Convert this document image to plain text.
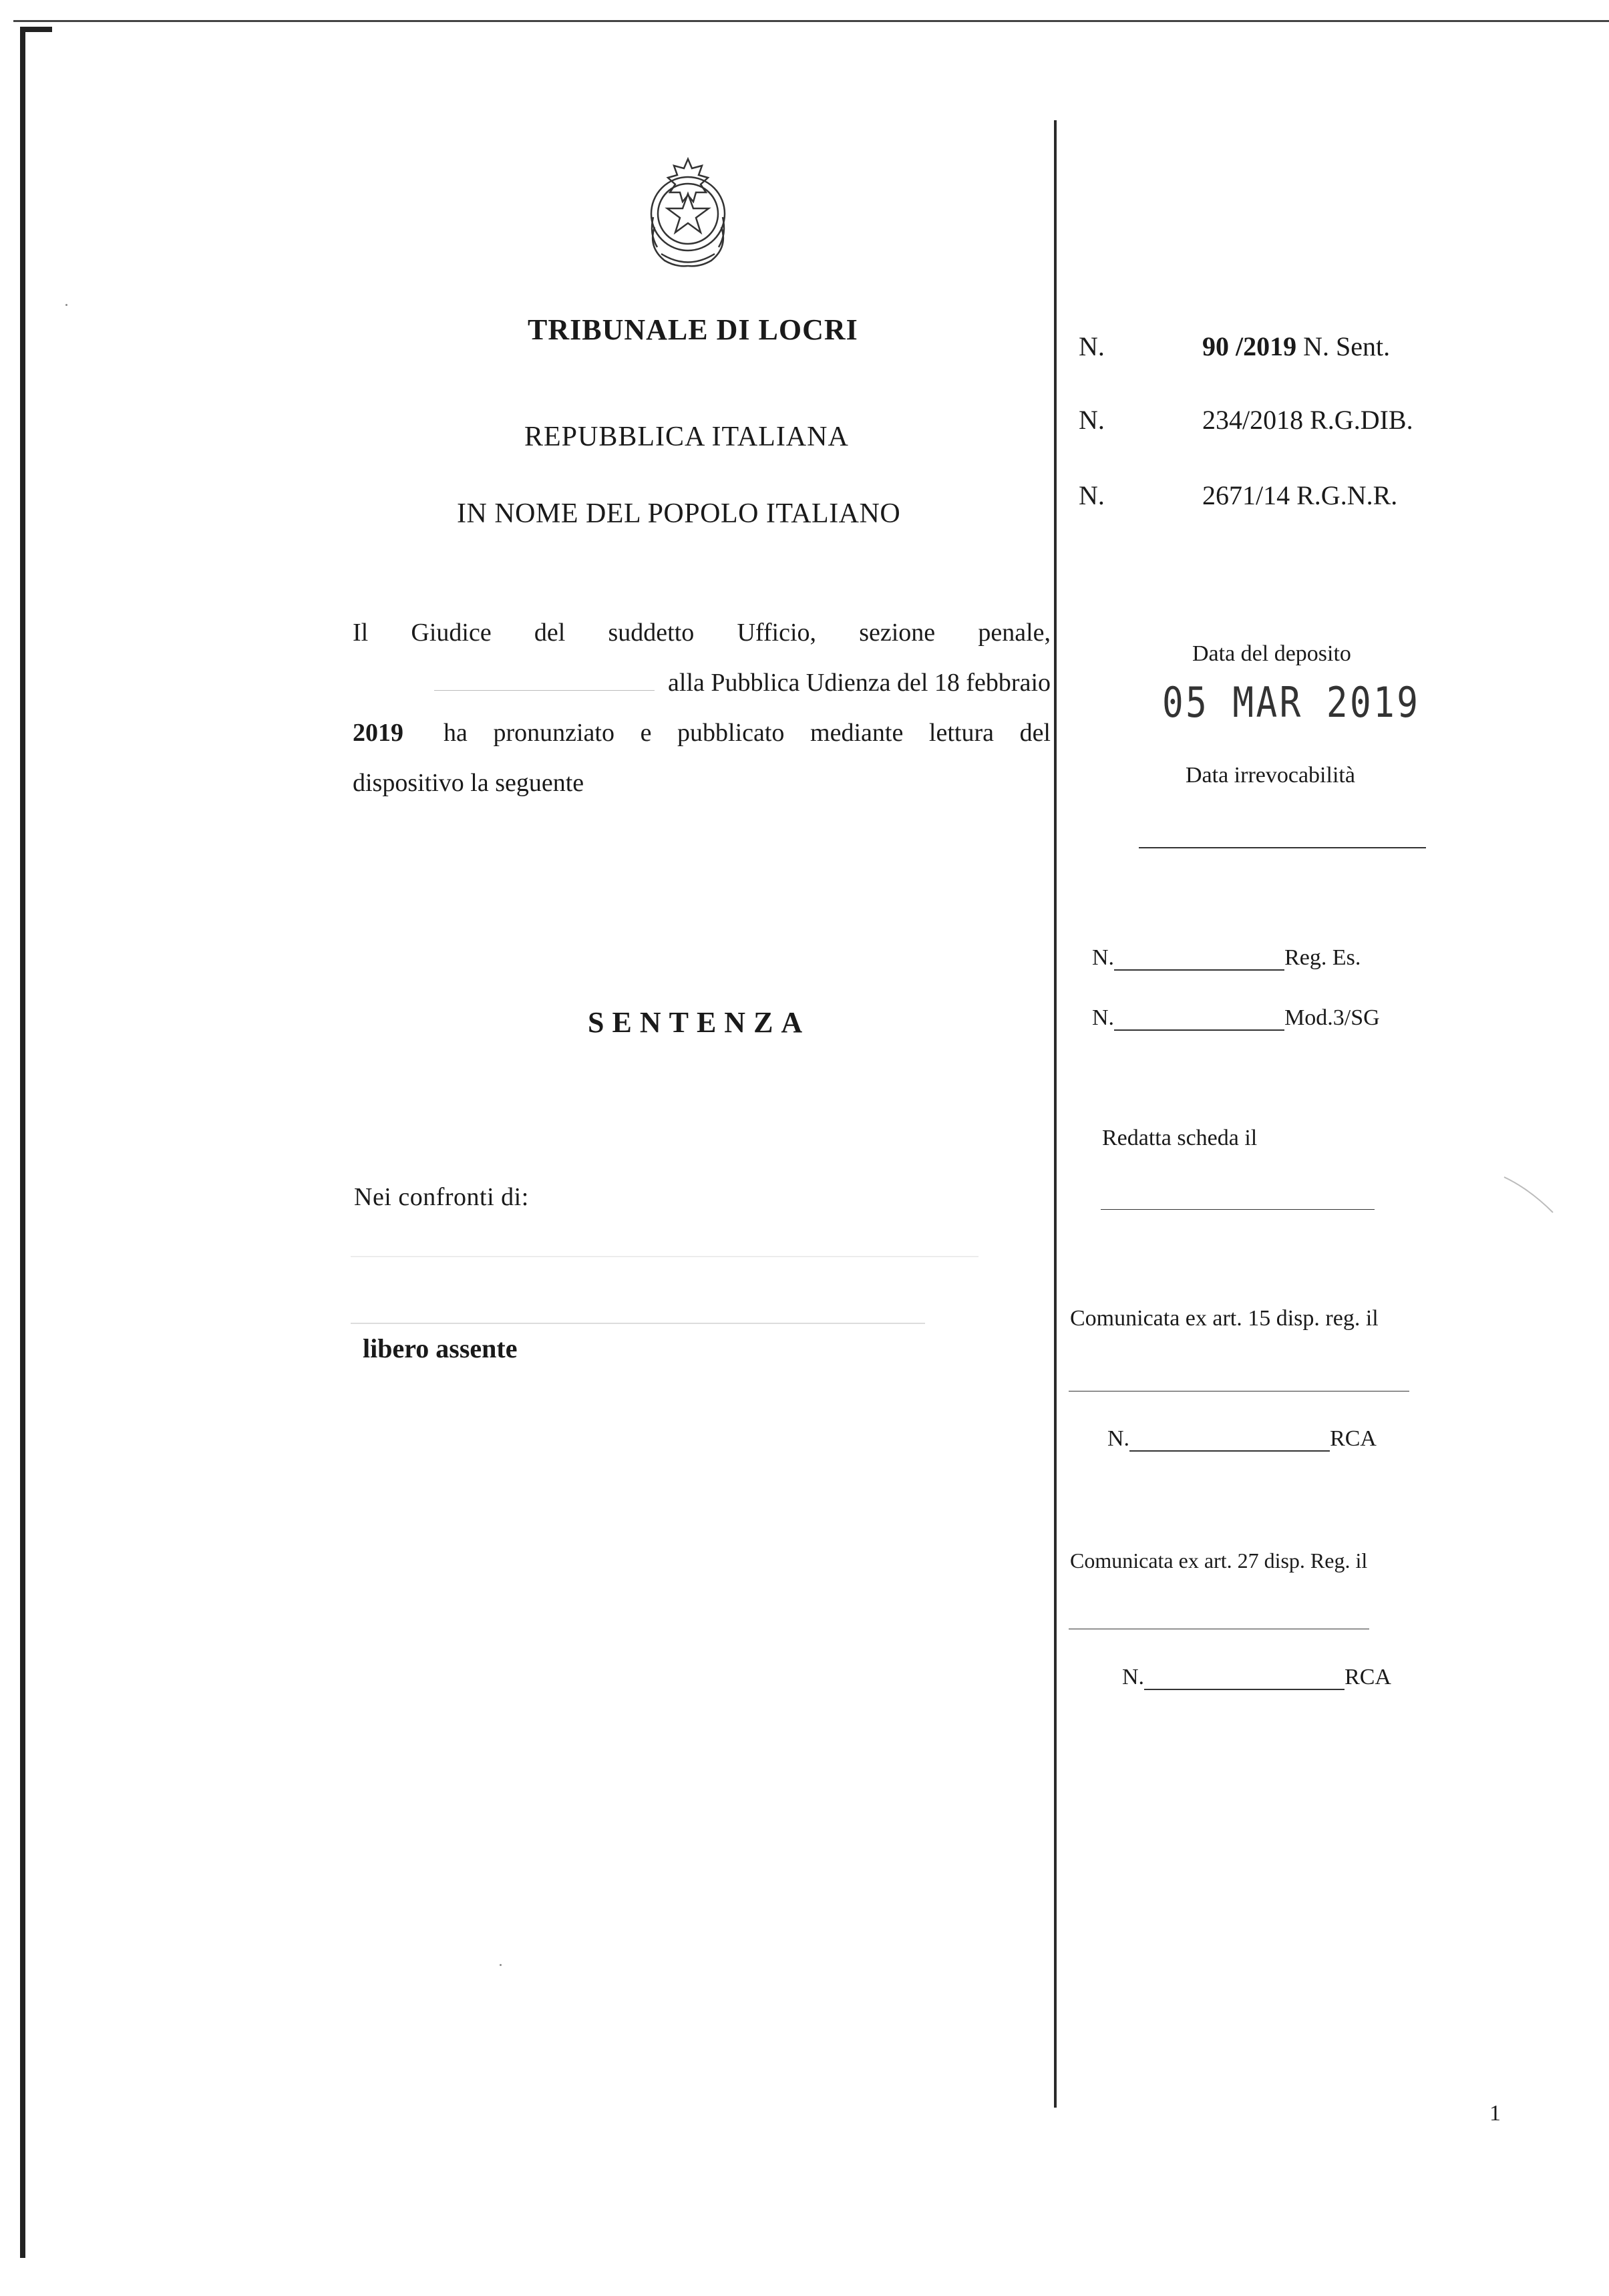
TRIBUNALE DI LOCRI
REPUBBLICA ITALIANA
IN NOME DEL POPOLO ITALIANO
N.	90 /2019 N. Sent.
N.	234/2018 R.G.DIB.
N.	2671/14 R.G.N.R.
Il Giudice del suddetto Ufficio, sezione penale,
alla Pubblica Udienza del 18 febbraio
2019 ha pronunziato e pubblicato mediante lettura del
dispositivo la seguente
SENTENZA
Nei confronti di:
libero assente
Data del deposito
05 MAR 2019
Data irrevocabilità
N.	Reg. Es.
N.	Mod.3/SG
Redatta scheda il
Comunicata ex art. 15 disp. reg. il
N.	RCA
Comunicata ex art. 27 disp. Reg. il
N.	RCA
1
